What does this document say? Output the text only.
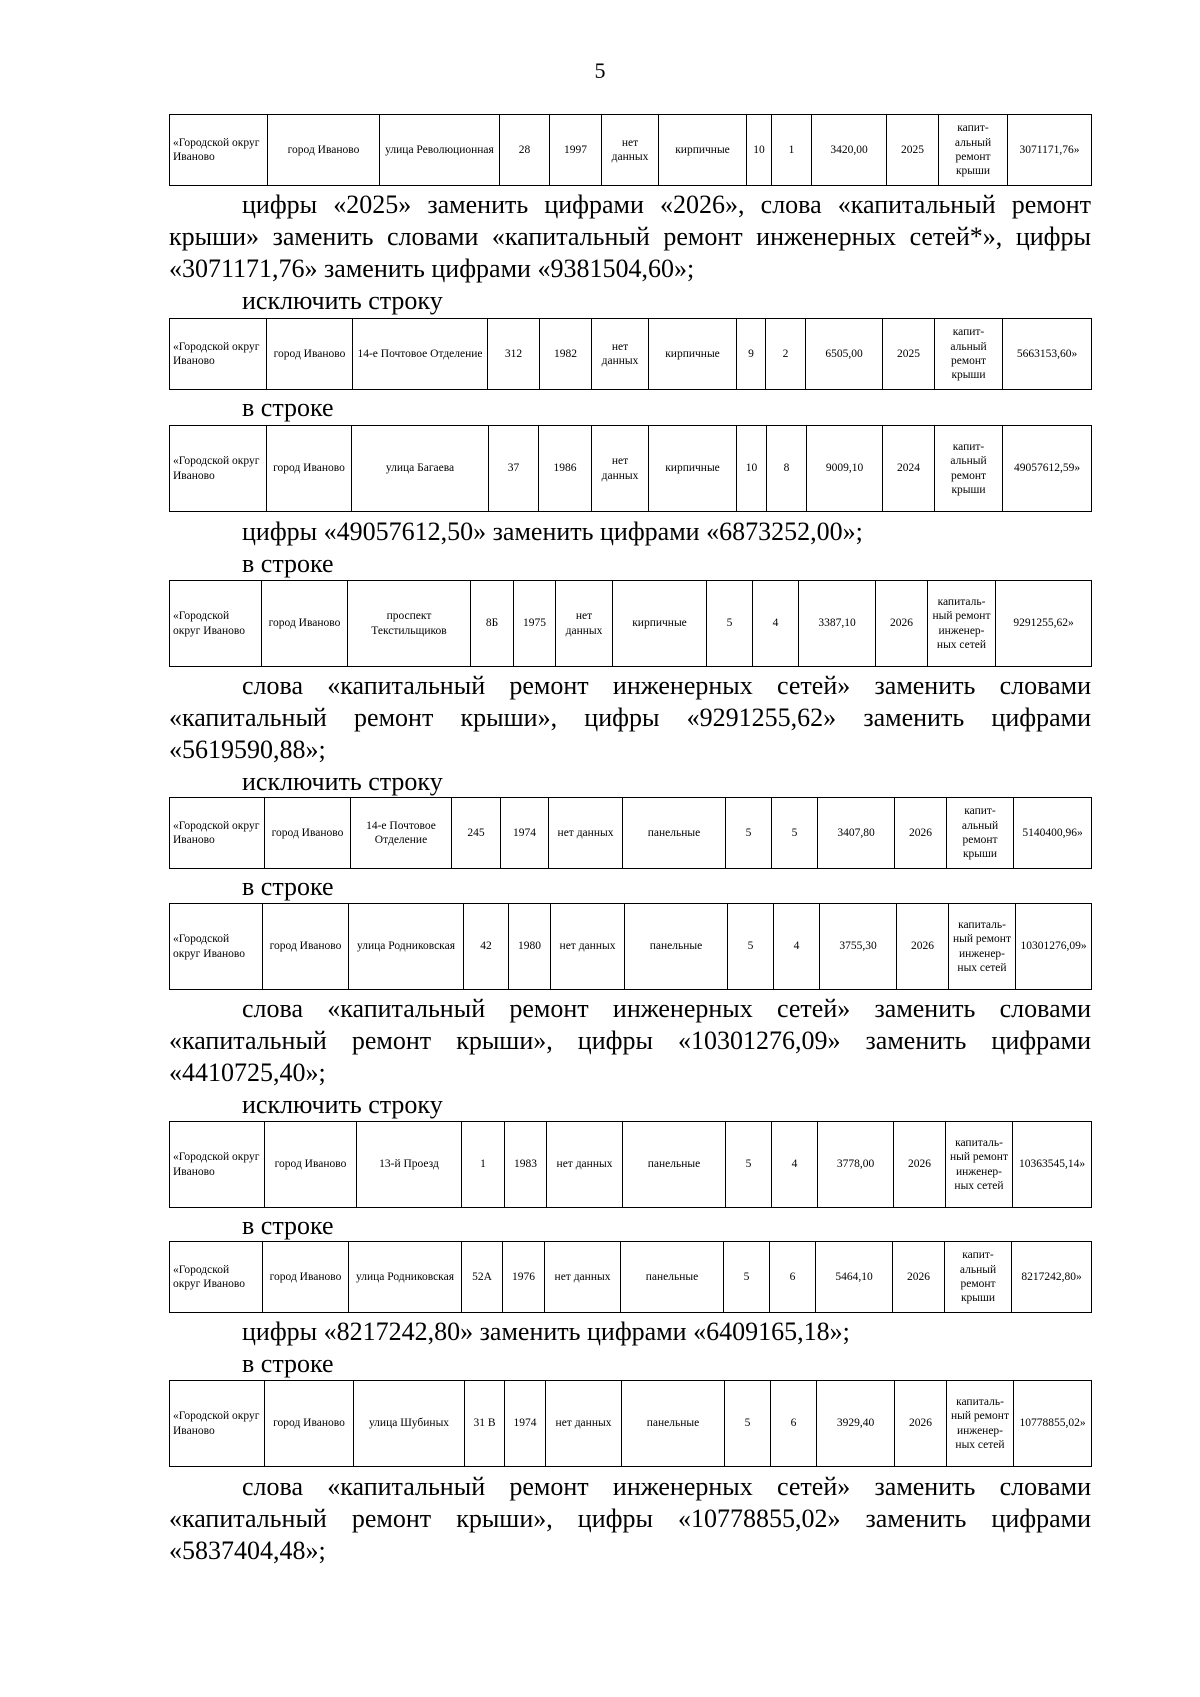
5
«Городской округ Иваново	город Иваново	улица Революционная	28	1997	нет данных	кирпичные	10	1	3420,00	2025	капит-альный ремонт крыши	3071171,76»
цифры «2025» заменить цифрами «2026», слова «капитальный ремонт крыши» заменить словами «капитальный ремонт инженерных сетей*», цифры «3071171,76» заменить цифрами «9381504,60»;
исключить строку
«Городской округ Иваново	город Иваново	14-е Почтовое Отделение	312	1982	нет данных	кирпичные	9	2	6505,00	2025	капит-альный ремонт крыши	5663153,60»
в строке
«Городской округ Иваново	город Иваново	улица Багаева	37	1986	нет данных	кирпичные	10	8	9009,10	2024	капит-альный ремонт крыши	49057612,59»
цифры «49057612,50» заменить цифрами «6873252,00»;
в строке
«Городской округ Иваново	город Иваново	проспект Текстильщиков	8Б	1975	нет данных	кирпичные	5	4	3387,10	2026	капиталь-ный ремонт инженер-ных сетей	9291255,62»
слова «капитальный ремонт инженерных сетей» заменить словами «капитальный ремонт крыши», цифры «9291255,62» заменить цифрами «5619590,88»;
исключить строку
«Городской округ Иваново	город Иваново	14-е Почтовое Отделение	245	1974	нет данных	панельные	5	5	3407,80	2026	капит-альный ремонт крыши	5140400,96»
в строке
«Городской округ Иваново	город Иваново	улица Родниковская	42	1980	нет данных	панельные	5	4	3755,30	2026	капиталь-ный ремонт инженер-ных сетей	10301276,09»
слова «капитальный ремонт инженерных сетей» заменить словами «капитальный ремонт крыши», цифры «10301276,09» заменить цифрами «4410725,40»;
исключить строку
«Городской округ Иваново	город Иваново	13-й Проезд	1	1983	нет данных	панельные	5	4	3778,00	2026	капиталь-ный ремонт инженер-ных сетей	10363545,14»
в строке
«Городской округ Иваново	город Иваново	улица Родниковская	52А	1976	нет данных	панельные	5	6	5464,10	2026	капит-альный ремонт крыши	8217242,80»
цифры «8217242,80» заменить цифрами «6409165,18»;
в строке
«Городской округ Иваново	город Иваново	улица Шубиных	31 В	1974	нет данных	панельные	5	6	3929,40	2026	капиталь-ный ремонт инженер-ных сетей	10778855,02»
слова «капитальный ремонт инженерных сетей» заменить словами «капитальный ремонт крыши», цифры «10778855,02» заменить цифрами «5837404,48»;
